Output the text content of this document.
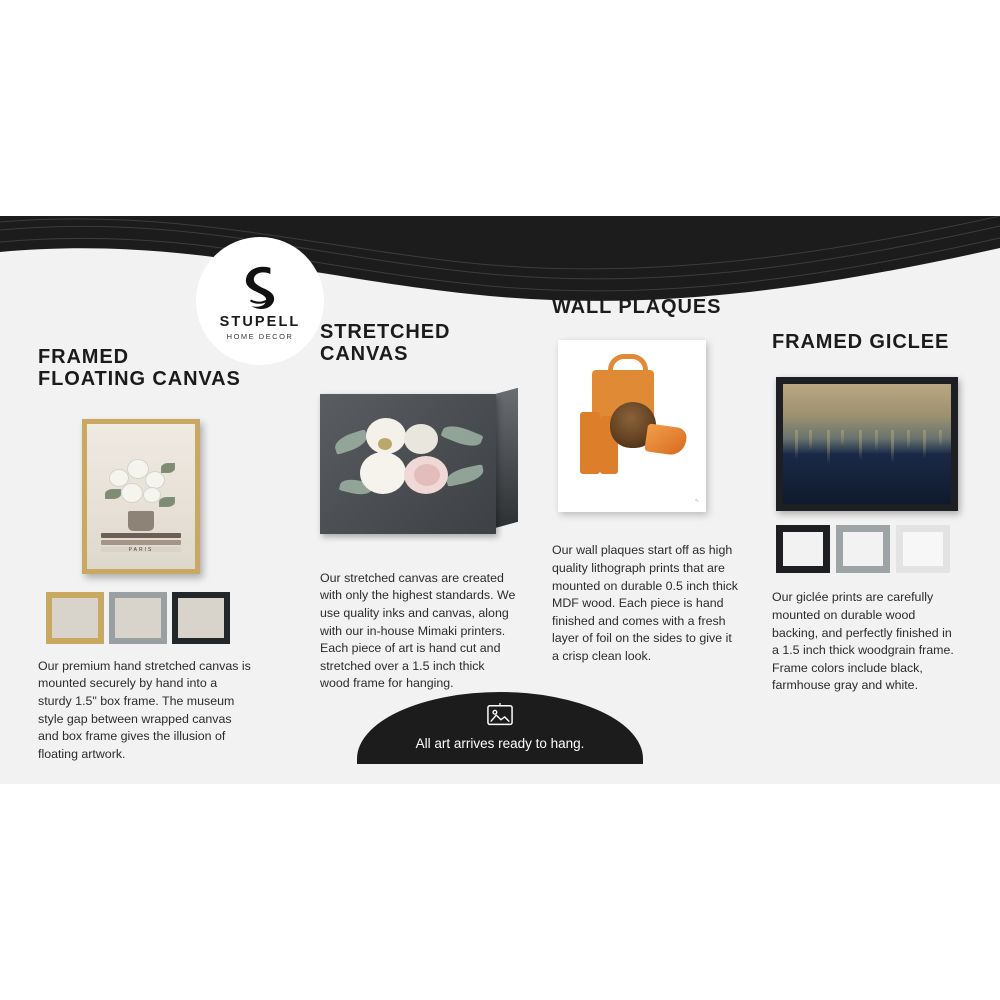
STUPELL
HOME DECOR
FRAMED
FLOATING CANVAS
PARIS
Our premium hand stretched canvas is mounted securely by hand into a sturdy 1.5" box frame. The museum style gap between wrapped canvas and box frame gives the illusion of floating artwork.
STRETCHED
CANVAS
Our stretched canvas are created with only the highest standards. We use quality inks and canvas, along with our in-house Mimaki printers. Each piece of art is hand cut and stretched over a 1.5 inch thick wood frame for hanging.
WALL PLAQUES
∿
Our wall plaques start off as high quality lithograph prints that are mounted on durable 0.5 inch thick MDF wood. Each piece is hand finished and comes with a fresh layer of foil on the sides to give it a crisp clean look.
FRAMED GICLEE
Our giclée prints are carefully mounted on durable wood backing, and perfectly finished in a 1.5 inch thick woodgrain frame. Frame colors include black, farmhouse gray and white.
All art arrives ready to hang.
